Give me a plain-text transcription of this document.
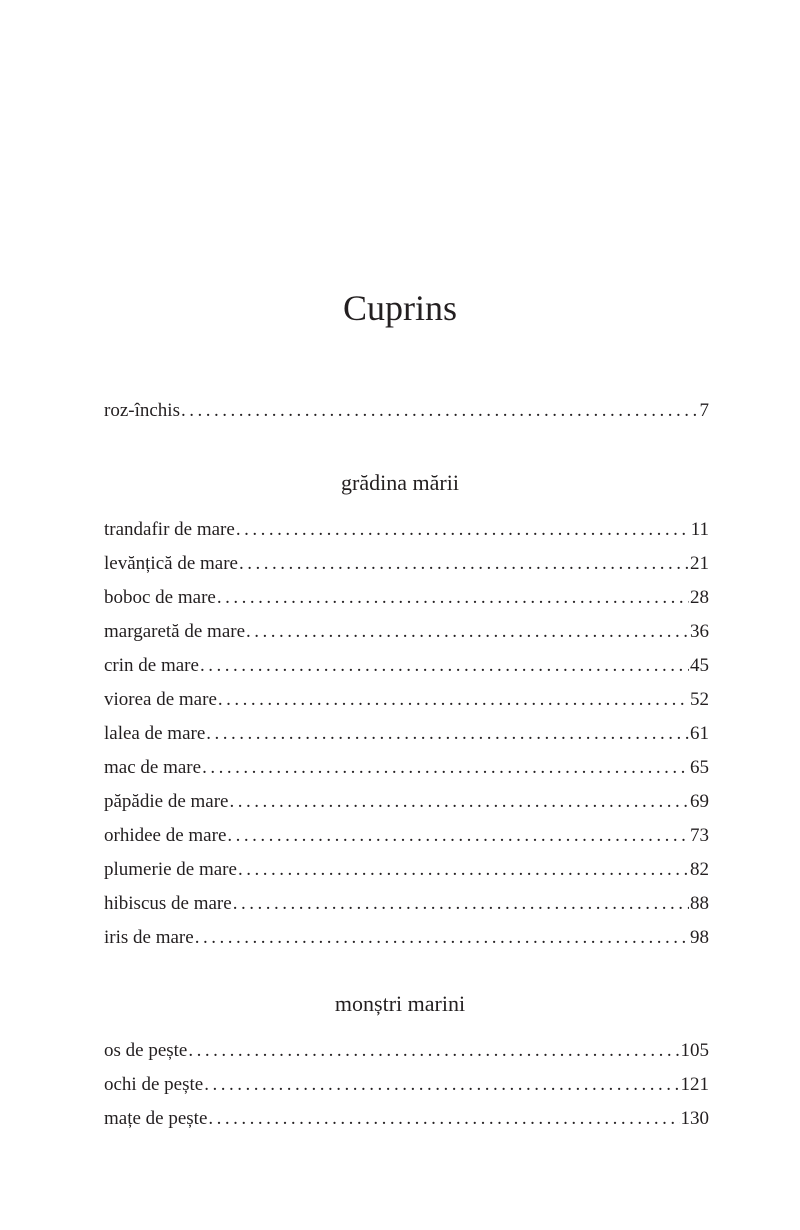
Cuprins
roz-închis .....	7
grădina mării
trandafir de mare .....	11
levănțică de mare .....	21
boboc de mare .....	28
margaretă de mare .....	36
crin de mare .....	45
viorea de mare .....	52
lalea de mare .....	61
mac de mare .....	65
păpădie de mare .....	69
orhidee de mare .....	73
plumerie de mare .....	82
hibiscus de mare .....	88
iris de mare .....	98
monștri marini
os de pește .....	105
ochi de pește .....	121
mațe de pește .....	130
